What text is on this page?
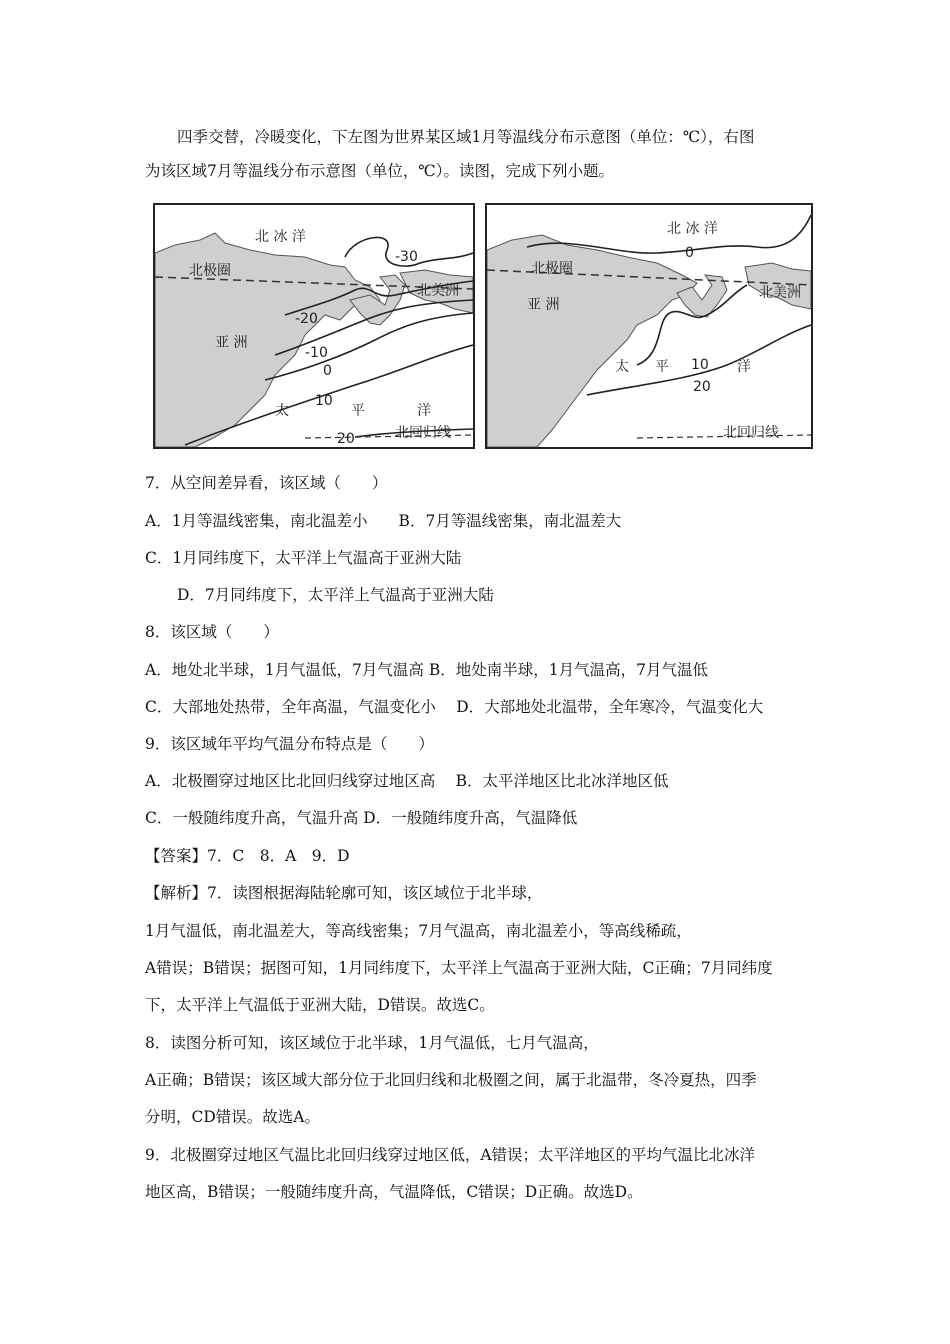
四季交替，冷暖变化，下左图为世界某区域1月等温线分布示意图（单位：℃），右图
为该区域7月等温线分布示意图（单位，℃）。读图，完成下列小题。
北 冰 洋
北极圈
北美洲
亚 洲
太	平	洋
北回归线
-30
-20
-10
0
10
20
北 冰 洋
北极圈
北美洲
亚 洲
太 平	洋
北回归线
0
10
20
7．从空间差异看，该区域（　　）
A．1月等温线密集，南北温差小　　B．7月等温线密集，南北温差大
C．1月同纬度下，太平洋上气温高于亚洲大陆
D．7月同纬度下，太平洋上气温高于亚洲大陆
8．该区域（　　）
A．地处北半球，1月气温低，7月气温高 B．地处南半球，1月气温高，7月气温低
C．大部地处热带，全年高温，气温变化小　 D．大部地处北温带，全年寒冷，气温变化大
9．该区域年平均气温分布特点是（　　）
A．北极圈穿过地区比北回归线穿过地区高　 B．太平洋地区比北冰洋地区低
C．一般随纬度升高，气温升高 D．一般随纬度升高，气温降低
【答案】7．C　8．A　9．D
【解析】7．读图根据海陆轮廓可知，该区域位于北半球，
1月气温低，南北温差大，等高线密集；7月气温高，南北温差小，等高线稀疏，
A错误；B错误；据图可知，1月同纬度下，太平洋上气温高于亚洲大陆，C正确；7月同纬度
下，太平洋上气温低于亚洲大陆，D错误。故选C。
8．读图分析可知，该区域位于北半球，1月气温低，七月气温高，
A正确；B错误；该区域大部分位于北回归线和北极圈之间，属于北温带，冬冷夏热，四季
分明，CD错误。故选A。
9．北极圈穿过地区气温比北回归线穿过地区低，A错误；太平洋地区的平均气温比北冰洋
地区高，B错误；一般随纬度升高，气温降低，C错误；D正确。故选D。
